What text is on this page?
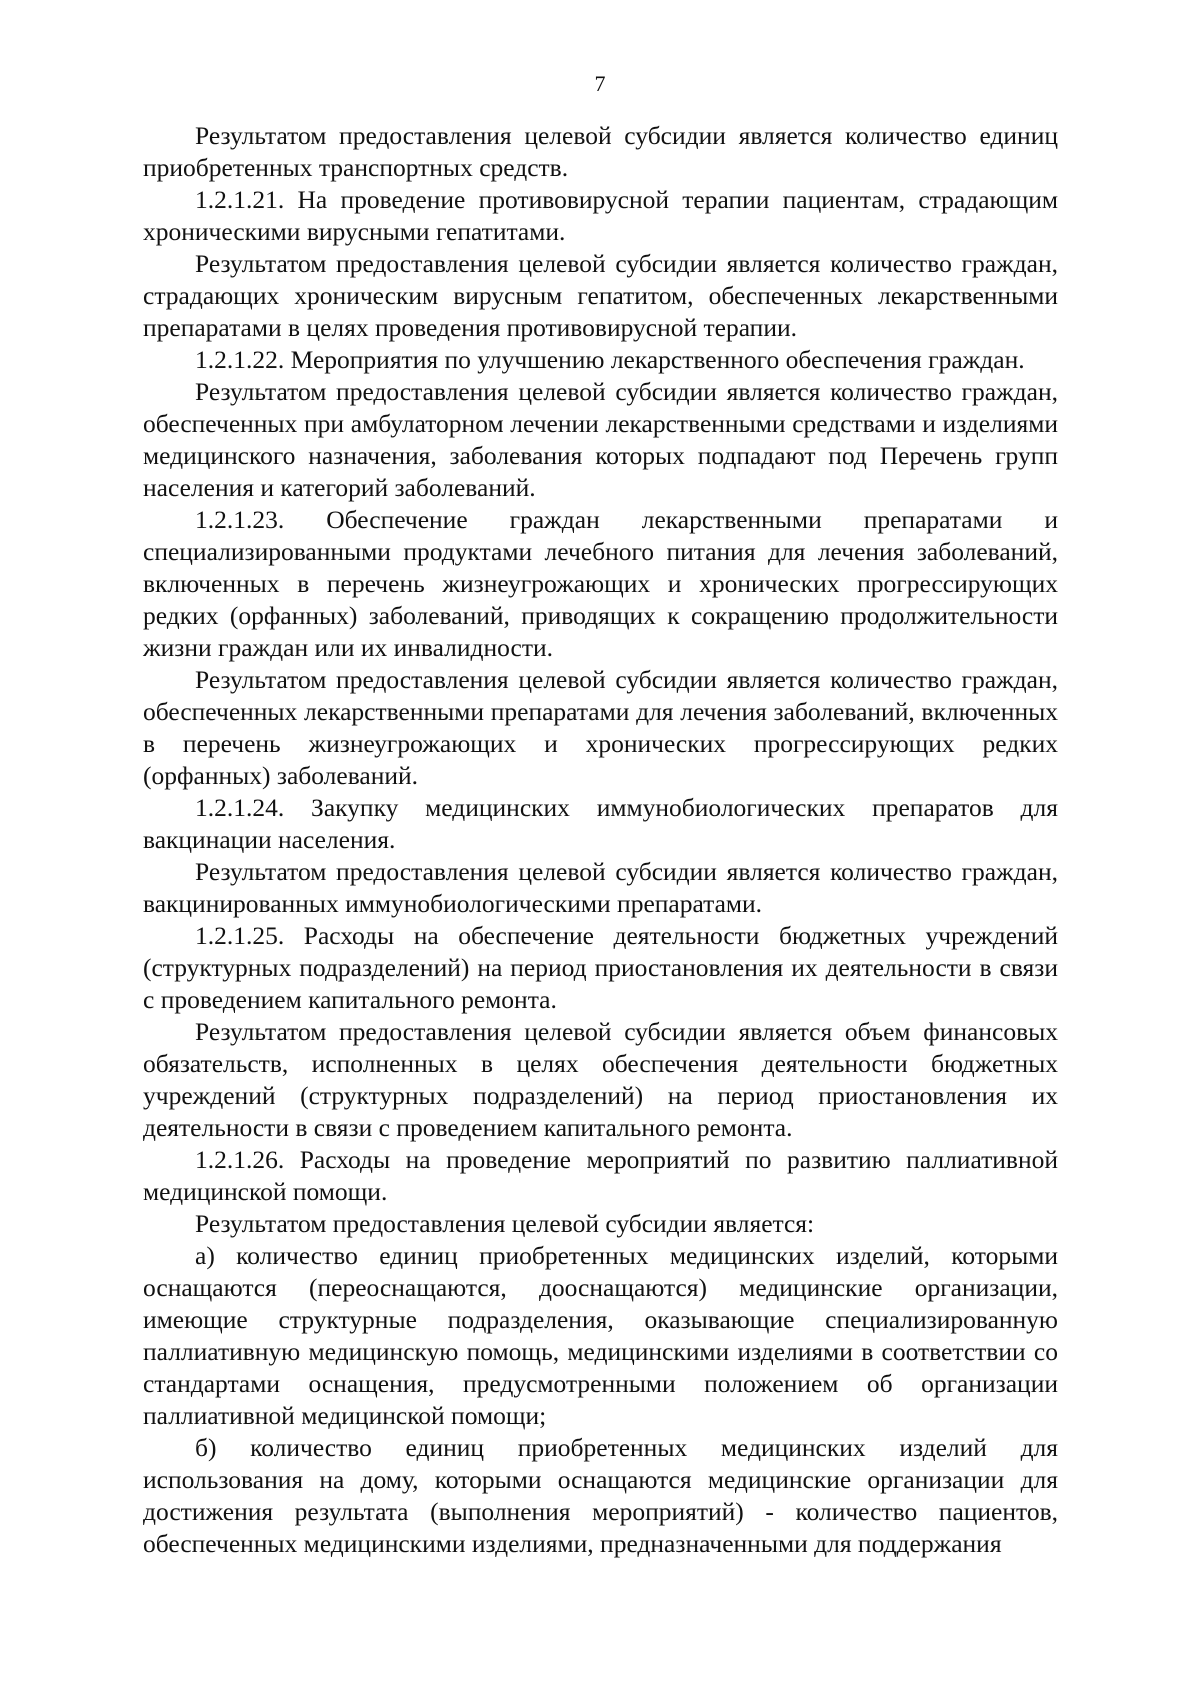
7

Результатом предоставления целевой субсидии является количество единиц приобретенных транспортных средств.

1.2.1.21. На проведение противовирусной терапии пациентам, страдающим хроническими вирусными гепатитами.

Результатом предоставления целевой субсидии является количество граждан, страдающих хроническим вирусным гепатитом, обеспеченных лекарственными препаратами в целях проведения противовирусной терапии.

1.2.1.22. Мероприятия по улучшению лекарственного обеспечения граждан.

Результатом предоставления целевой субсидии является количество граждан, обеспеченных при амбулаторном лечении лекарственными средствами и изделиями медицинского назначения, заболевания которых подпадают под Перечень групп населения и категорий заболеваний.

1.2.1.23. Обеспечение граждан лекарственными препаратами и специализированными продуктами лечебного питания для лечения заболеваний, включенных в перечень жизнеугрожающих и хронических прогрессирующих редких (орфанных) заболеваний, приводящих к сокращению продолжительности жизни граждан или их инвалидности.

Результатом предоставления целевой субсидии является количество граждан, обеспеченных лекарственными препаратами для лечения заболеваний, включенных в перечень жизнеугрожающих и хронических прогрессирующих редких (орфанных) заболеваний.

1.2.1.24. Закупку медицинских иммунобиологических препаратов для вакцинации населения.

Результатом предоставления целевой субсидии является количество граждан, вакцинированных иммунобиологическими препаратами.

1.2.1.25. Расходы на обеспечение деятельности бюджетных учреждений (структурных подразделений) на период приостановления их деятельности в связи с проведением капитального ремонта.

Результатом предоставления целевой субсидии является объем финансовых обязательств, исполненных в целях обеспечения деятельности бюджетных учреждений (структурных подразделений) на период приостановления их деятельности в связи с проведением капитального ремонта.

1.2.1.26. Расходы на проведение мероприятий по развитию паллиативной медицинской помощи.

Результатом предоставления целевой субсидии является:

а) количество единиц приобретенных медицинских изделий, которыми оснащаются (переоснащаются, дооснащаются) медицинские организации, имеющие структурные подразделения, оказывающие специализированную паллиативную медицинскую помощь, медицинскими изделиями в соответствии со стандартами оснащения, предусмотренными положением об организации паллиативной медицинской помощи;

б) количество единиц приобретенных медицинских изделий для использования на дому, которыми оснащаются медицинские организации для достижения результата (выполнения мероприятий) - количество пациентов, обеспеченных медицинскими изделиями, предназначенными для поддержания
